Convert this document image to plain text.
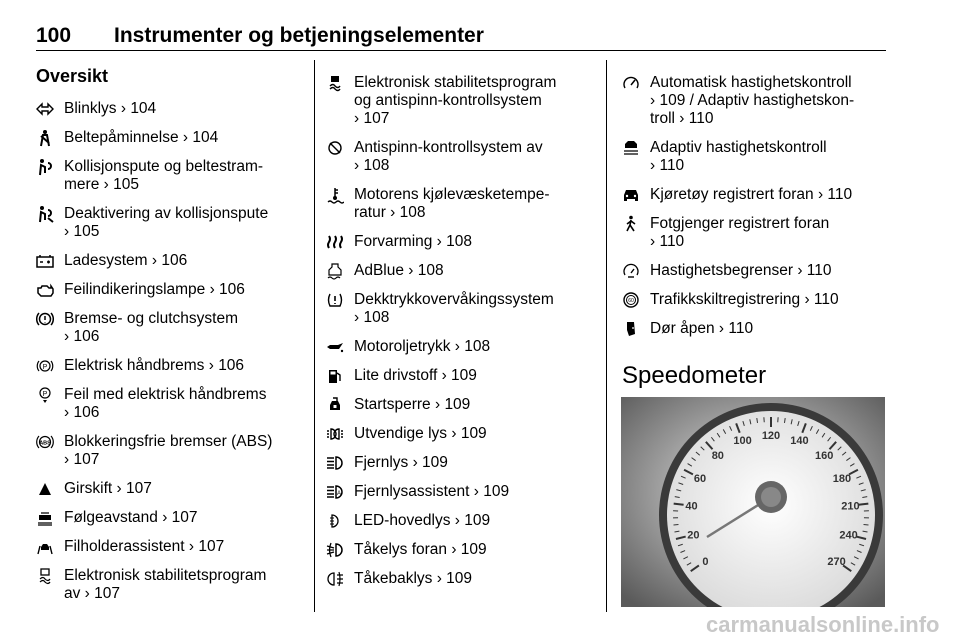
100 Instrumenter og betjeningselementer
Oversikt
Blinklys › 104
Beltepåminnelse › 104
Kollisjonspute og beltestram-
mere › 105
Deaktivering av kollisjonspute
› 105
Ladesystem › 106
Feilindikeringslampe › 106
Bremse- og clutchsystem
› 106
P Elektrisk håndbrems › 106
P Feil med elektrisk håndbrems
› 106
ABS Blokkeringsfrie bremser (ABS)
› 107
Girskift › 107
Følgeavstand › 107
Filholderassistent › 107
Elektronisk stabilitetsprogram
av › 107
Elektronisk stabilitetsprogram
og antispinn-kontrollsystem
› 107
Antispinn-kontrollsystem av
› 108
Motorens kjølevæsketempe-
ratur › 108
Forvarming › 108
AdBlue › 108
Dekktrykkovervåkingssystem
› 108
Motoroljetrykk › 108
Lite drivstoff › 109
Startsperre › 109
Utvendige lys › 109
Fjernlys › 109
A Fjernlysassistent › 109
LED-hovedlys › 109
Tåkelys foran › 109
Tåkebaklys › 109
Automatisk hastighetskontroll
› 109 / Adaptiv hastighetskon-
troll › 110
Adaptiv hastighetskontroll
› 110
Kjøretøy registrert foran › 110
Fotgjenger registrert foran
› 110
Hastighetsbegrenser › 110
60 Trafikkskiltregistrering › 110
Dør åpen › 110
Speedometer
0
20
40
60
80
100 120 140
160
180
210
240
270
carmanualsonline.info
